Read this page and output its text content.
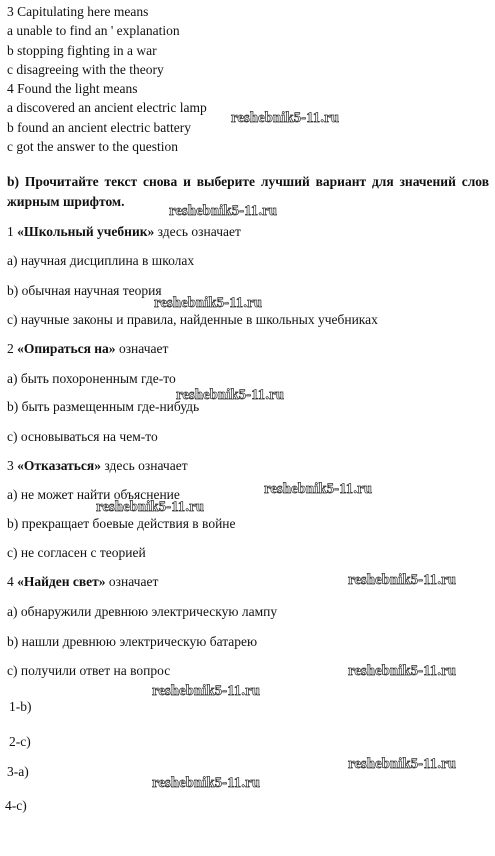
3 Capitulating here means
a unable to find an ' explanation
b stopping fighting in a war
c disagreeing with the theory
4 Found the light means
a discovered an ancient electric lamp
b found an ancient electric battery
c got the answer to the question
b) Прочитайте текст снова и выберите лучший вариант для значений слов жирным шрифтом.
1 «Школьный учебник» здесь означает
a) научная дисциплина в школах
b) обычная научная теория
c) научные законы и правила, найденные в школьных учебниках
2 «Опираться на» означает
a) быть похороненным где-то
b) быть размещенным где-нибудь
c) основываться на чем-то
3 «Отказаться» здесь означает
a) не может найти объяснение
b) прекращает боевые действия в войне
c) не согласен с теорией
4 «Найден свет» означает
a) обнаружили древнюю электрическую лампу
b) нашли древнюю электрическую батарею
c) получили ответ на вопрос
1-b)
2-c)
3-a)
4-c)
reshebnik5-11.ru
reshebnik5-11.ru
reshebnik5-11.ru
reshebnik5-11.ru
reshebnik5-11.ru
reshebnik5-11.ru
reshebnik5-11.ru
reshebnik5-11.ru
reshebnik5-11.ru
reshebnik5-11.ru
reshebnik5-11.ru
